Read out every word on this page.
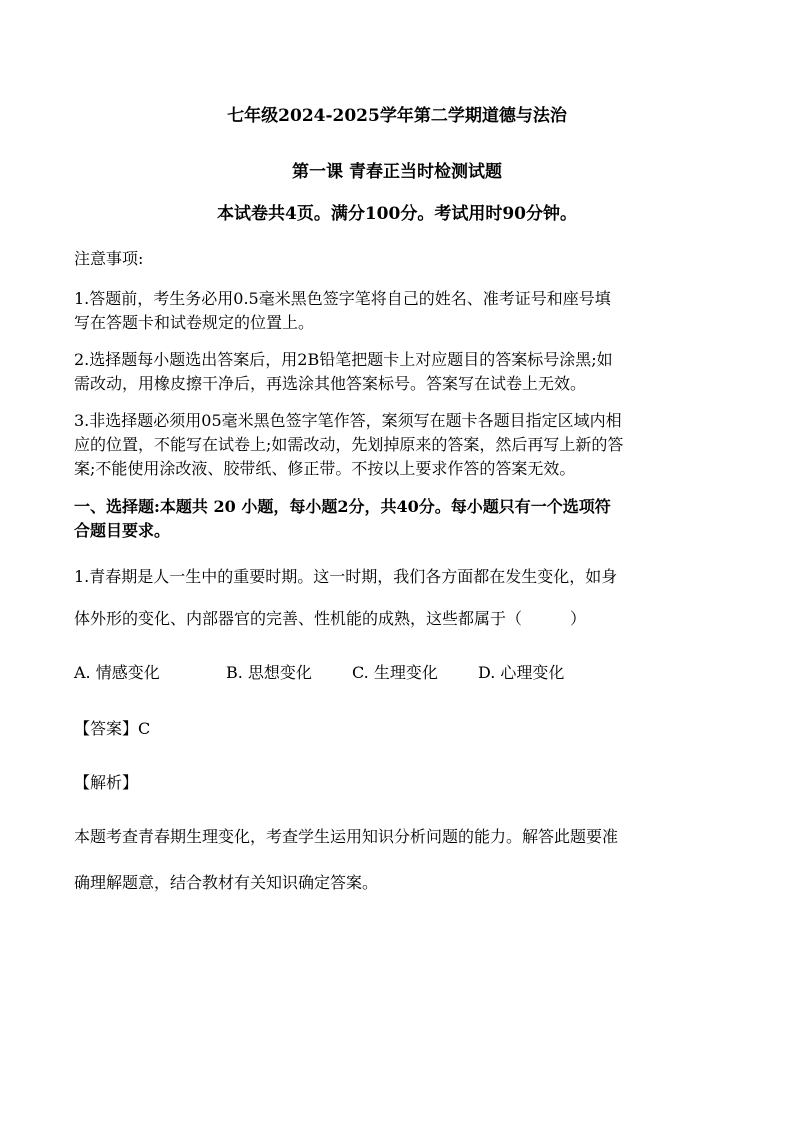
七年级2024-2025学年第二学期道德与法治
第一课 青春正当时检测试题
本试卷共4页。满分100分。考试用时90分钟。
注意事项:
1.答题前，考生务必用0.5毫米黑色签字笔将自己的姓名、准考证号和座号填
写在答题卡和试卷规定的位置上。
2.选择题每小题选出答案后，用2B铅笔把题卡上对应题目的答案标号涂黑;如
需改动，用橡皮擦干净后，再选涂其他答案标号。答案写在试卷上无效。
3.非选择题必须用05毫米黑色签字笔作答，案须写在题卡各题目指定区域内相
应的位置，不能写在试卷上;如需改动，先划掉原来的答案，然后再写上新的答
案;不能使用涂改液、胶带纸、修正带。不按以上要求作答的答案无效。
一、选择题:本题共 20 小题，每小题2分，共40分。每小题只有一个选项符
合题目要求。
1.青春期是人一生中的重要时期。这一时期，我们各方面都在发生变化，如身
体外形的变化、内部器官的完善、性机能的成熟，这些都属于（　　　）
A. 情感变化	B. 思想变化	C. 生理变化	D. 心理变化
【答案】C
【解析】
本题考查青春期生理变化，考查学生运用知识分析问题的能力。解答此题要准
确理解题意，结合教材有关知识确定答案。
